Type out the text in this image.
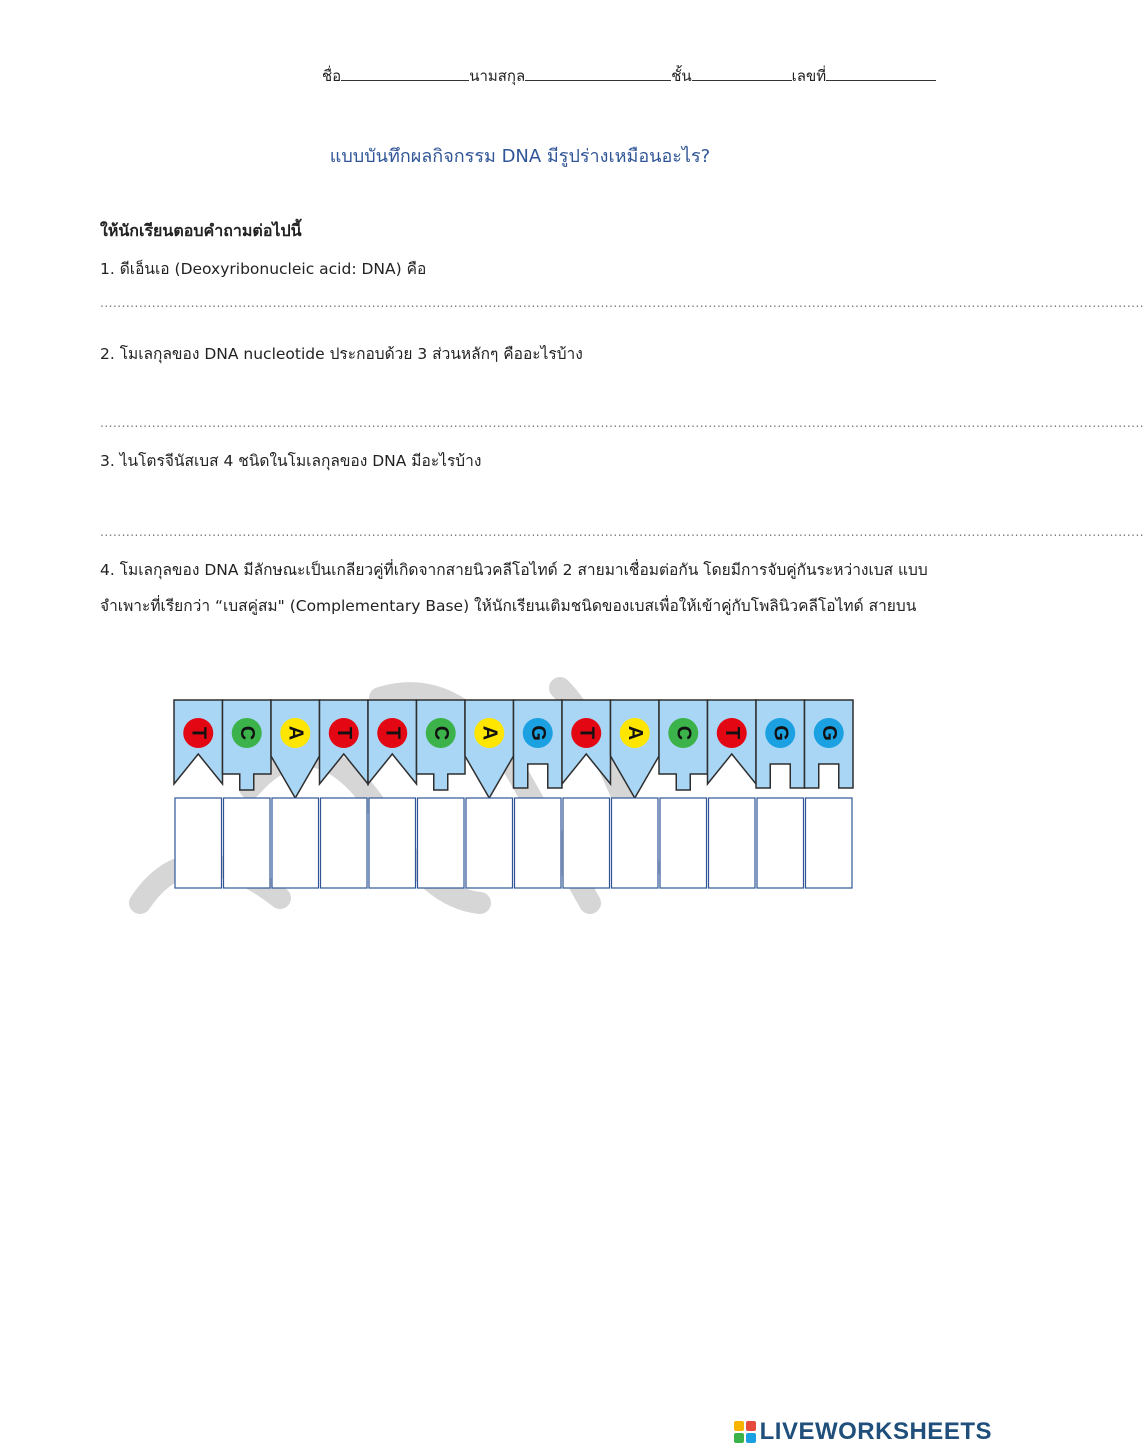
ชื่อ	นามสกุล	ชั้น	เลขที่
แบบบันทึกผลกิจกรรม DNA มีรูปร่างเหมือนอะไร?
ให้นักเรียนตอบคำถามต่อไปนี้
1. ดีเอ็นเอ (Deoxyribonucleic acid: DNA) คือ
..................................................................................................................................................................................................................................................
2. โมเลกุลของ DNA nucleotide ประกอบด้วย 3 ส่วนหลักๆ คืออะไรบ้าง
..................................................................................................................................................................................................................................................
3. ไนโตรจีนัสเบส 4 ชนิดในโมเลกุลของ DNA มีอะไรบ้าง
..................................................................................................................................................................................................................................................
4. โมเลกุลของ DNA มีลักษณะเป็นเกลียวคู่ที่เกิดจากสายนิวคลีโอไทด์ 2 สายมาเชื่อมต่อกัน โดยมีการจับคู่กันระหว่างเบส แบบจำเพาะที่เรียกว่า “เบสคู่สม" (Complementary Base) ให้นักเรียนเติมชนิดของเบสเพื่อให้เข้าคู่กับโพลินิวคลีโอไทด์ สายบน
T C A T T C A G T A C T G G
LIVEWORKSHEETS
